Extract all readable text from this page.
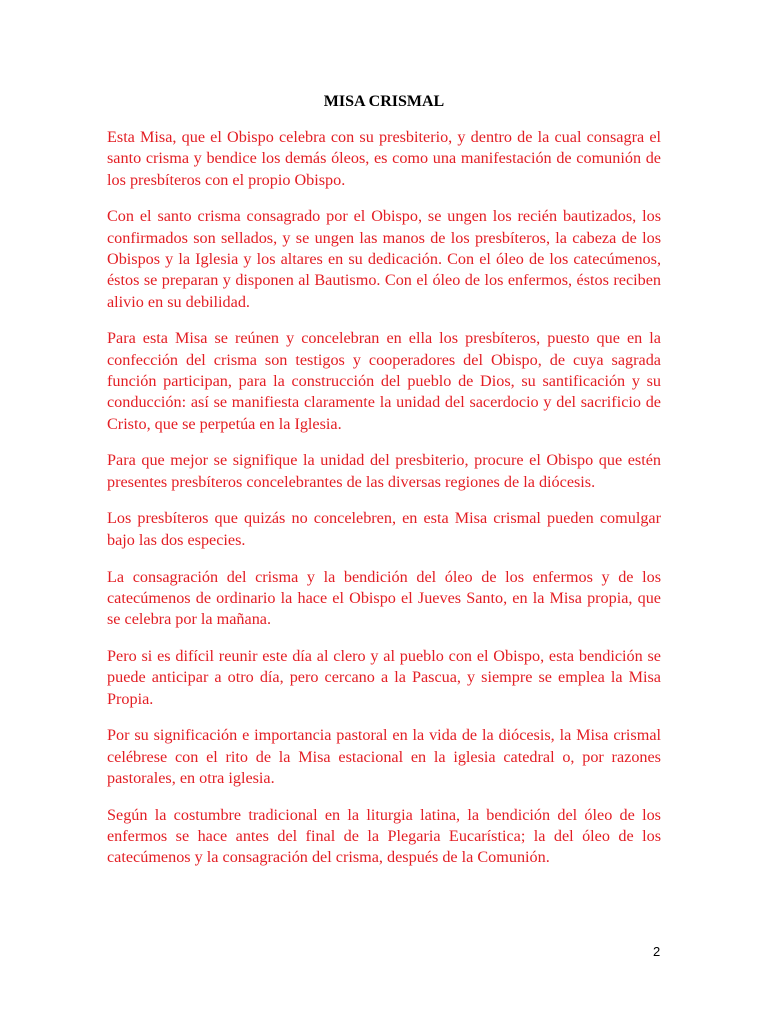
MISA CRISMAL

Esta Misa, que el Obispo celebra con su presbiterio, y dentro de la cual consagra el santo crisma y bendice los demás óleos, es como una manifestación de comunión de los presbíteros con el propio Obispo.

Con el santo crisma consagrado por el Obispo, se ungen los recién bautizados, los confirmados son sellados, y se ungen las manos de los presbíteros, la cabeza de los Obispos y la Iglesia y los altares en su dedicación. Con el óleo de los catecúmenos, éstos se preparan y disponen al Bautismo. Con el óleo de los enfermos, éstos reciben alivio en su debilidad.

Para esta Misa se reúnen y concelebran en ella los presbíteros, puesto que en la confección del crisma son testigos y cooperadores del Obispo, de cuya sagrada función participan, para la construcción del pueblo de Dios, su santificación y su conducción: así se manifiesta claramente la unidad del sacerdocio y del sacrificio de Cristo, que se perpetúa en la Iglesia.

Para que mejor se signifique la unidad del presbiterio, procure el Obispo que estén presentes presbíteros concelebrantes de las diversas regiones de la diócesis.

Los presbíteros que quizás no concelebren, en esta Misa crismal pueden comulgar bajo las dos especies.

La consagración del crisma y la bendición del óleo de los enfermos y de los catecúmenos de ordinario la hace el Obispo el Jueves Santo, en la Misa propia, que se celebra por la mañana.

Pero si es difícil reunir este día al clero y al pueblo con el Obispo, esta bendición se puede anticipar a otro día, pero cercano a la Pascua, y siempre se emplea la Misa Propia.

Por su significación e importancia pastoral en la vida de la diócesis, la Misa crismal celébrese con el rito de la Misa estacional en la iglesia catedral o, por razones pastorales, en otra iglesia.

Según la costumbre tradicional en la liturgia latina, la bendición del óleo de los enfermos se hace antes del final de la Plegaria Eucarística; la del óleo de los catecúmenos y la consagración del crisma, después de la Comunión.

2
